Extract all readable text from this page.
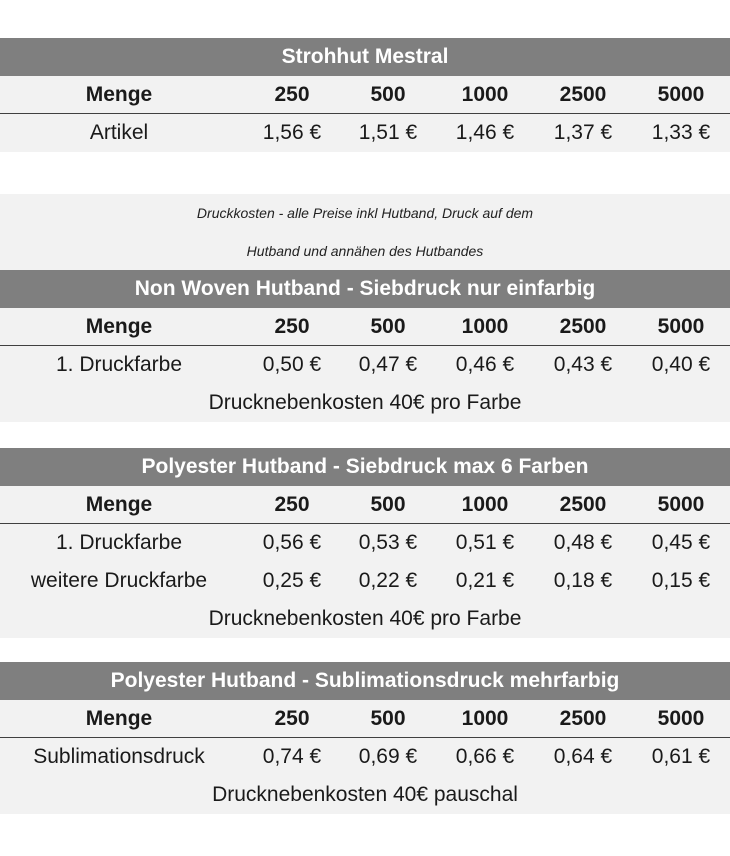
Strohhut Mestral
Menge	250	500	1000	2500	5000
Artikel	1,56 €	1,51 €	1,46 €	1,37 €	1,33 €
Druckkosten - alle Preise inkl Hutband, Druck auf dem
Hutband und annähen des Hutbandes
Non Woven Hutband - Siebdruck nur einfarbig
Menge	250	500	1000	2500	5000
1. Druckfarbe	0,50 €	0,47 €	0,46 €	0,43 €	0,40 €
Drucknebenkosten 40€ pro Farbe
Polyester Hutband - Siebdruck max 6 Farben
Menge	250	500	1000	2500	5000
1. Druckfarbe	0,56 €	0,53 €	0,51 €	0,48 €	0,45 €
weitere Druckfarbe	0,25 €	0,22 €	0,21 €	0,18 €	0,15 €
Drucknebenkosten 40€ pro Farbe
Polyester Hutband - Sublimationsdruck mehrfarbig
Menge	250	500	1000	2500	5000
Sublimationsdruck	0,74 €	0,69 €	0,66 €	0,64 €	0,61 €
Drucknebenkosten 40€ pauschal
